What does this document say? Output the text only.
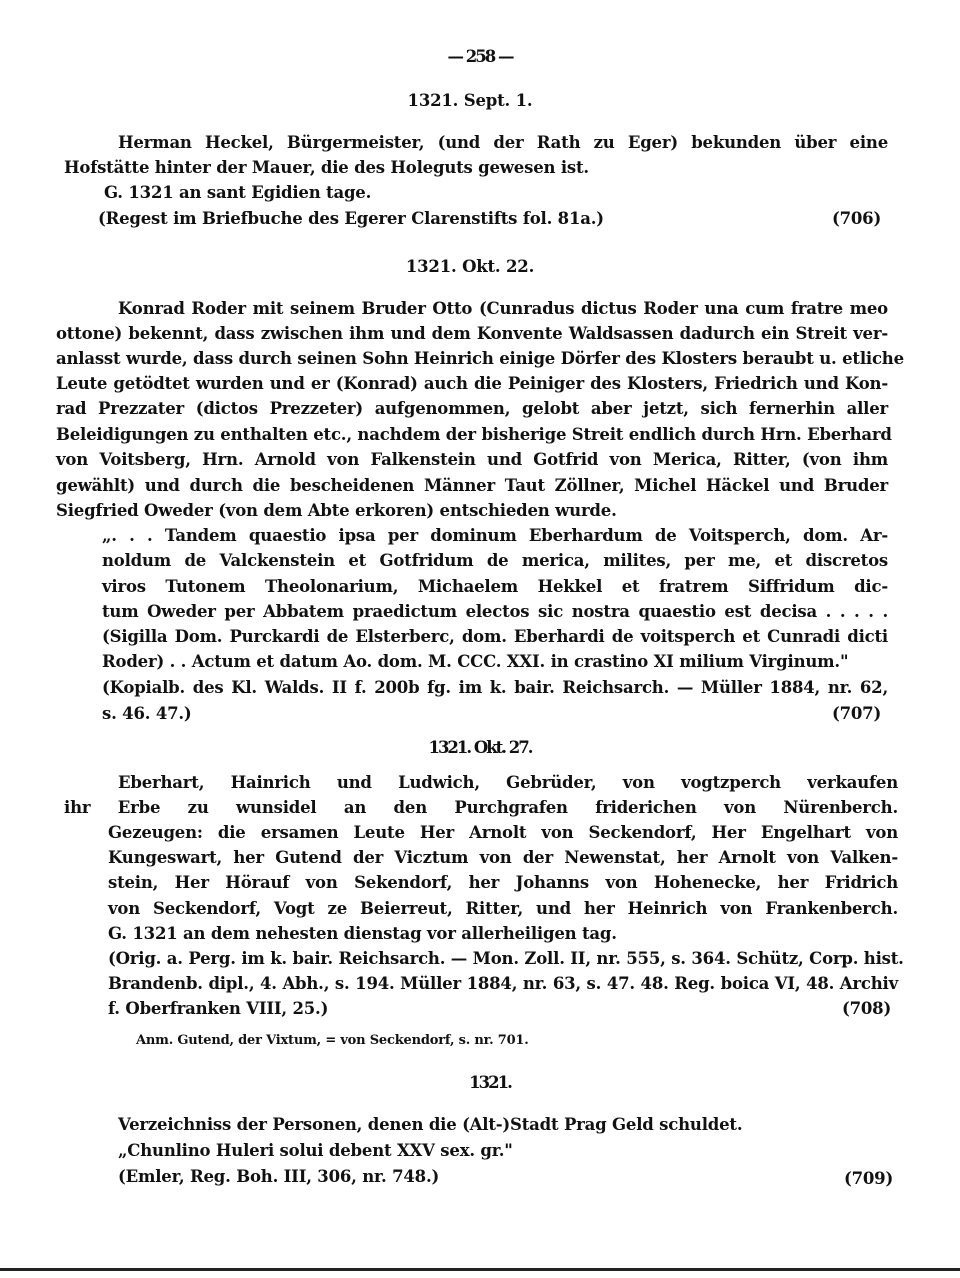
— 258 —
1321. Sept. 1.
Herman Heckel, Bürgermeister, (und der Rath zu Eger) bekunden über eine
Hofstätte hinter der Mauer, die des Holeguts gewesen ist.
G. 1321 an sant Egidien tage.
(Regest im Briefbuche des Egerer Clarenstifts fol. 81a.)	(706)
1321. Okt. 22.
Konrad Roder mit seinem Bruder Otto (Cunradus dictus Roder una cum fratre meo
ottone) bekennt, dass zwischen ihm und dem Konvente Waldsassen dadurch ein Streit ver-
anlasst wurde, dass durch seinen Sohn Heinrich einige Dörfer des Klosters beraubt u. etliche
Leute getödtet wurden und er (Konrad) auch die Peiniger des Klosters, Friedrich und Kon-
rad Prezzater (dictos Prezzeter) aufgenommen, gelobt aber jetzt, sich fernerhin aller
Beleidigungen zu enthalten etc., nachdem der bisherige Streit endlich durch Hrn. Eberhard
von Voitsberg, Hrn. Arnold von Falkenstein und Gotfrid von Merica, Ritter, (von ihm
gewählt) und durch die bescheidenen Männer Taut Zöllner, Michel Häckel und Bruder
Siegfried Oweder (von dem Abte erkoren) entschieden wurde.
„. . . Tandem quaestio ipsa per dominum Eberhardum de Voitsperch, dom. Ar-
noldum de Valckenstein et Gotfridum de merica, milites, per me, et discretos
viros Tutonem Theolonarium, Michaelem Hekkel et fratrem Siffridum dic-
tum Oweder per Abbatem praedictum electos sic nostra quaestio est decisa . . . . .
(Sigilla Dom. Purckardi de Elsterberc, dom. Eberhardi de voitsperch et Cunradi dicti
Roder) . . Actum et datum Ao. dom. M. CCC. XXI. in crastino XI milium Virginum."
(Kopialb. des Kl. Walds. II f. 200b fg. im k. bair. Reichsarch. — Müller 1884, nr. 62,
s. 46. 47.)	(707)
1321. Okt. 27.
Eberhart, Hainrich und Ludwich, Gebrüder, von vogtzperch verkaufen
ihr Erbe zu wunsidel an den Purchgrafen friderichen von Nürenberch.
Gezeugen: die ersamen Leute Her Arnolt von Seckendorf, Her Engelhart von
Kungeswart, her Gutend der Vicztum von der Newenstat, her Arnolt von Valken-
stein, Her Hörauf von Sekendorf, her Johanns von Hohenecke, her Fridrich
von Seckendorf, Vogt ze Beierreut, Ritter, und her Heinrich von Frankenberch.
G. 1321 an dem nehesten dienstag vor allerheiligen tag.
(Orig. a. Perg. im k. bair. Reichsarch. — Mon. Zoll. II, nr. 555, s. 364. Schütz, Corp. hist.
Brandenb. dipl., 4. Abh., s. 194. Müller 1884, nr. 63, s. 47. 48. Reg. boica VI, 48. Archiv
f. Oberfranken VIII, 25.)	(708)
Anm. Gutend, der Vixtum, = von Seckendorf, s. nr. 701.
1321.
Verzeichniss der Personen, denen die (Alt-)Stadt Prag Geld schuldet.
„Chunlino Huleri solui debent XXV sex. gr."
(Emler, Reg. Boh. III, 306, nr. 748.)	(709)
